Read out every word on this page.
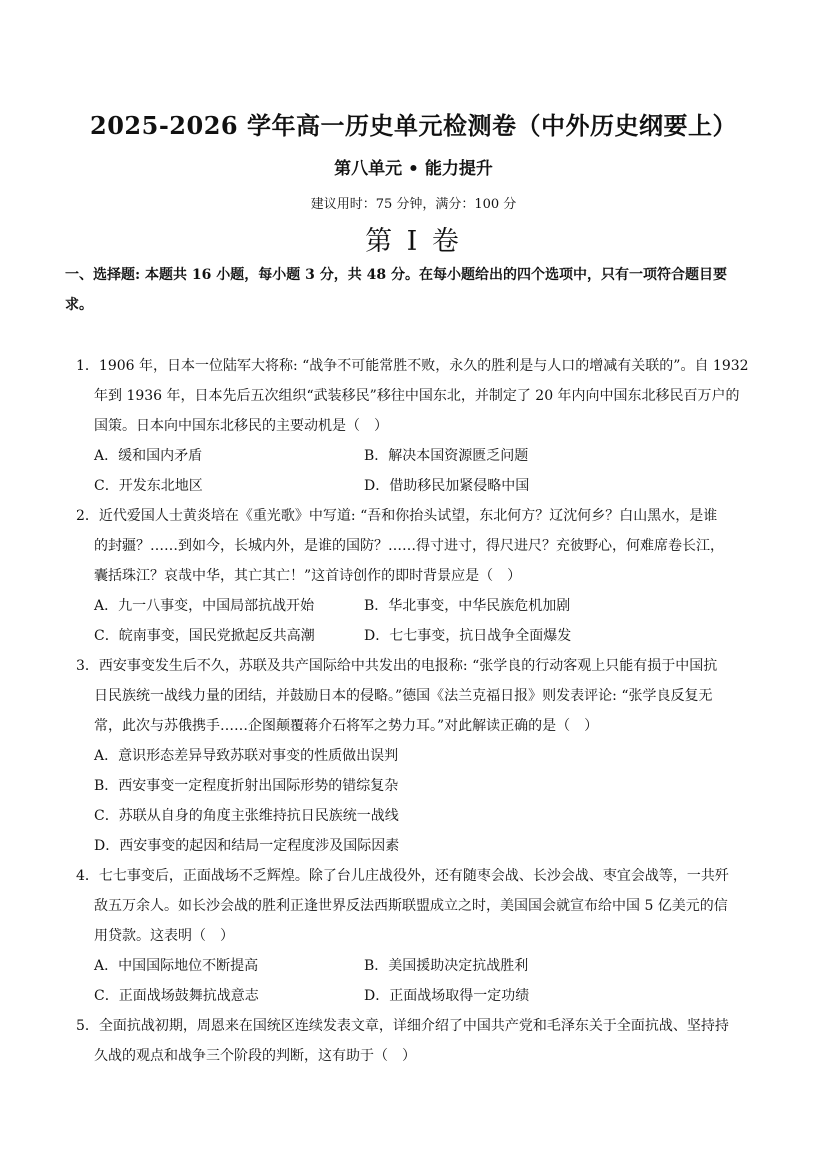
2025-2026 学年高一历史单元检测卷（中外历史纲要上）
第八单元 • 能力提升
建议用时：75 分钟，满分：100 分
第 I 卷
一、选择题: 本题共 16 小题，每小题 3 分，共 48 分。在每小题给出的四个选项中，只有一项符合题目要
求。
1．1906 年，日本一位陆军大将称: “战争不可能常胜不败，永久的胜利是与人口的增减有关联的”。自 1932
年到 1936 年，日本先后五次组织“武装移民”移往中国东北，并制定了 20 年内向中国东北移民百万户的
国策。日本向中国东北移民的主要动机是（　）
A．缓和国内矛盾	B．解决本国资源匮乏问题
C．开发东北地区	D．借助移民加紧侵略中国
2．近代爱国人士黄炎培在《重光歌》中写道: “吾和你抬头试望，东北何方？辽沈何乡？白山黑水，是谁
的封疆？……到如今，长城内外，是谁的国防？……得寸进寸，得尺进尺？充彼野心，何难席卷长江，
囊括珠江？哀哉中华，其亡其亡！”这首诗创作的即时背景应是（　）
A．九一八事变，中国局部抗战开始	B．华北事变，中华民族危机加剧
C．皖南事变，国民党掀起反共高潮	D．七七事变，抗日战争全面爆发
3．西安事变发生后不久，苏联及共产国际给中共发出的电报称: “张学良的行动客观上只能有损于中国抗
日民族统一战线力量的团结，并鼓励日本的侵略。”德国《法兰克福日报》则发表评论: “张学良反复无
常，此次与苏俄携手……企图颠覆蒋介石将军之势力耳。”对此解读正确的是（　）
A．意识形态差异导致苏联对事变的性质做出误判
B．西安事变一定程度折射出国际形势的错综复杂
C．苏联从自身的角度主张维持抗日民族统一战线
D．西安事变的起因和结局一定程度涉及国际因素
4．七七事变后，正面战场不乏辉煌。除了台儿庄战役外，还有随枣会战、长沙会战、枣宜会战等，一共歼
敌五万余人。如长沙会战的胜利正逢世界反法西斯联盟成立之时，美国国会就宣布给中国 5 亿美元的信
用贷款。这表明（　）
A．中国国际地位不断提高	B．美国援助决定抗战胜利
C．正面战场鼓舞抗战意志	D．正面战场取得一定功绩
5．全面抗战初期，周恩来在国统区连续发表文章，详细介绍了中国共产党和毛泽东关于全面抗战、坚持持
久战的观点和战争三个阶段的判断，这有助于（　）
